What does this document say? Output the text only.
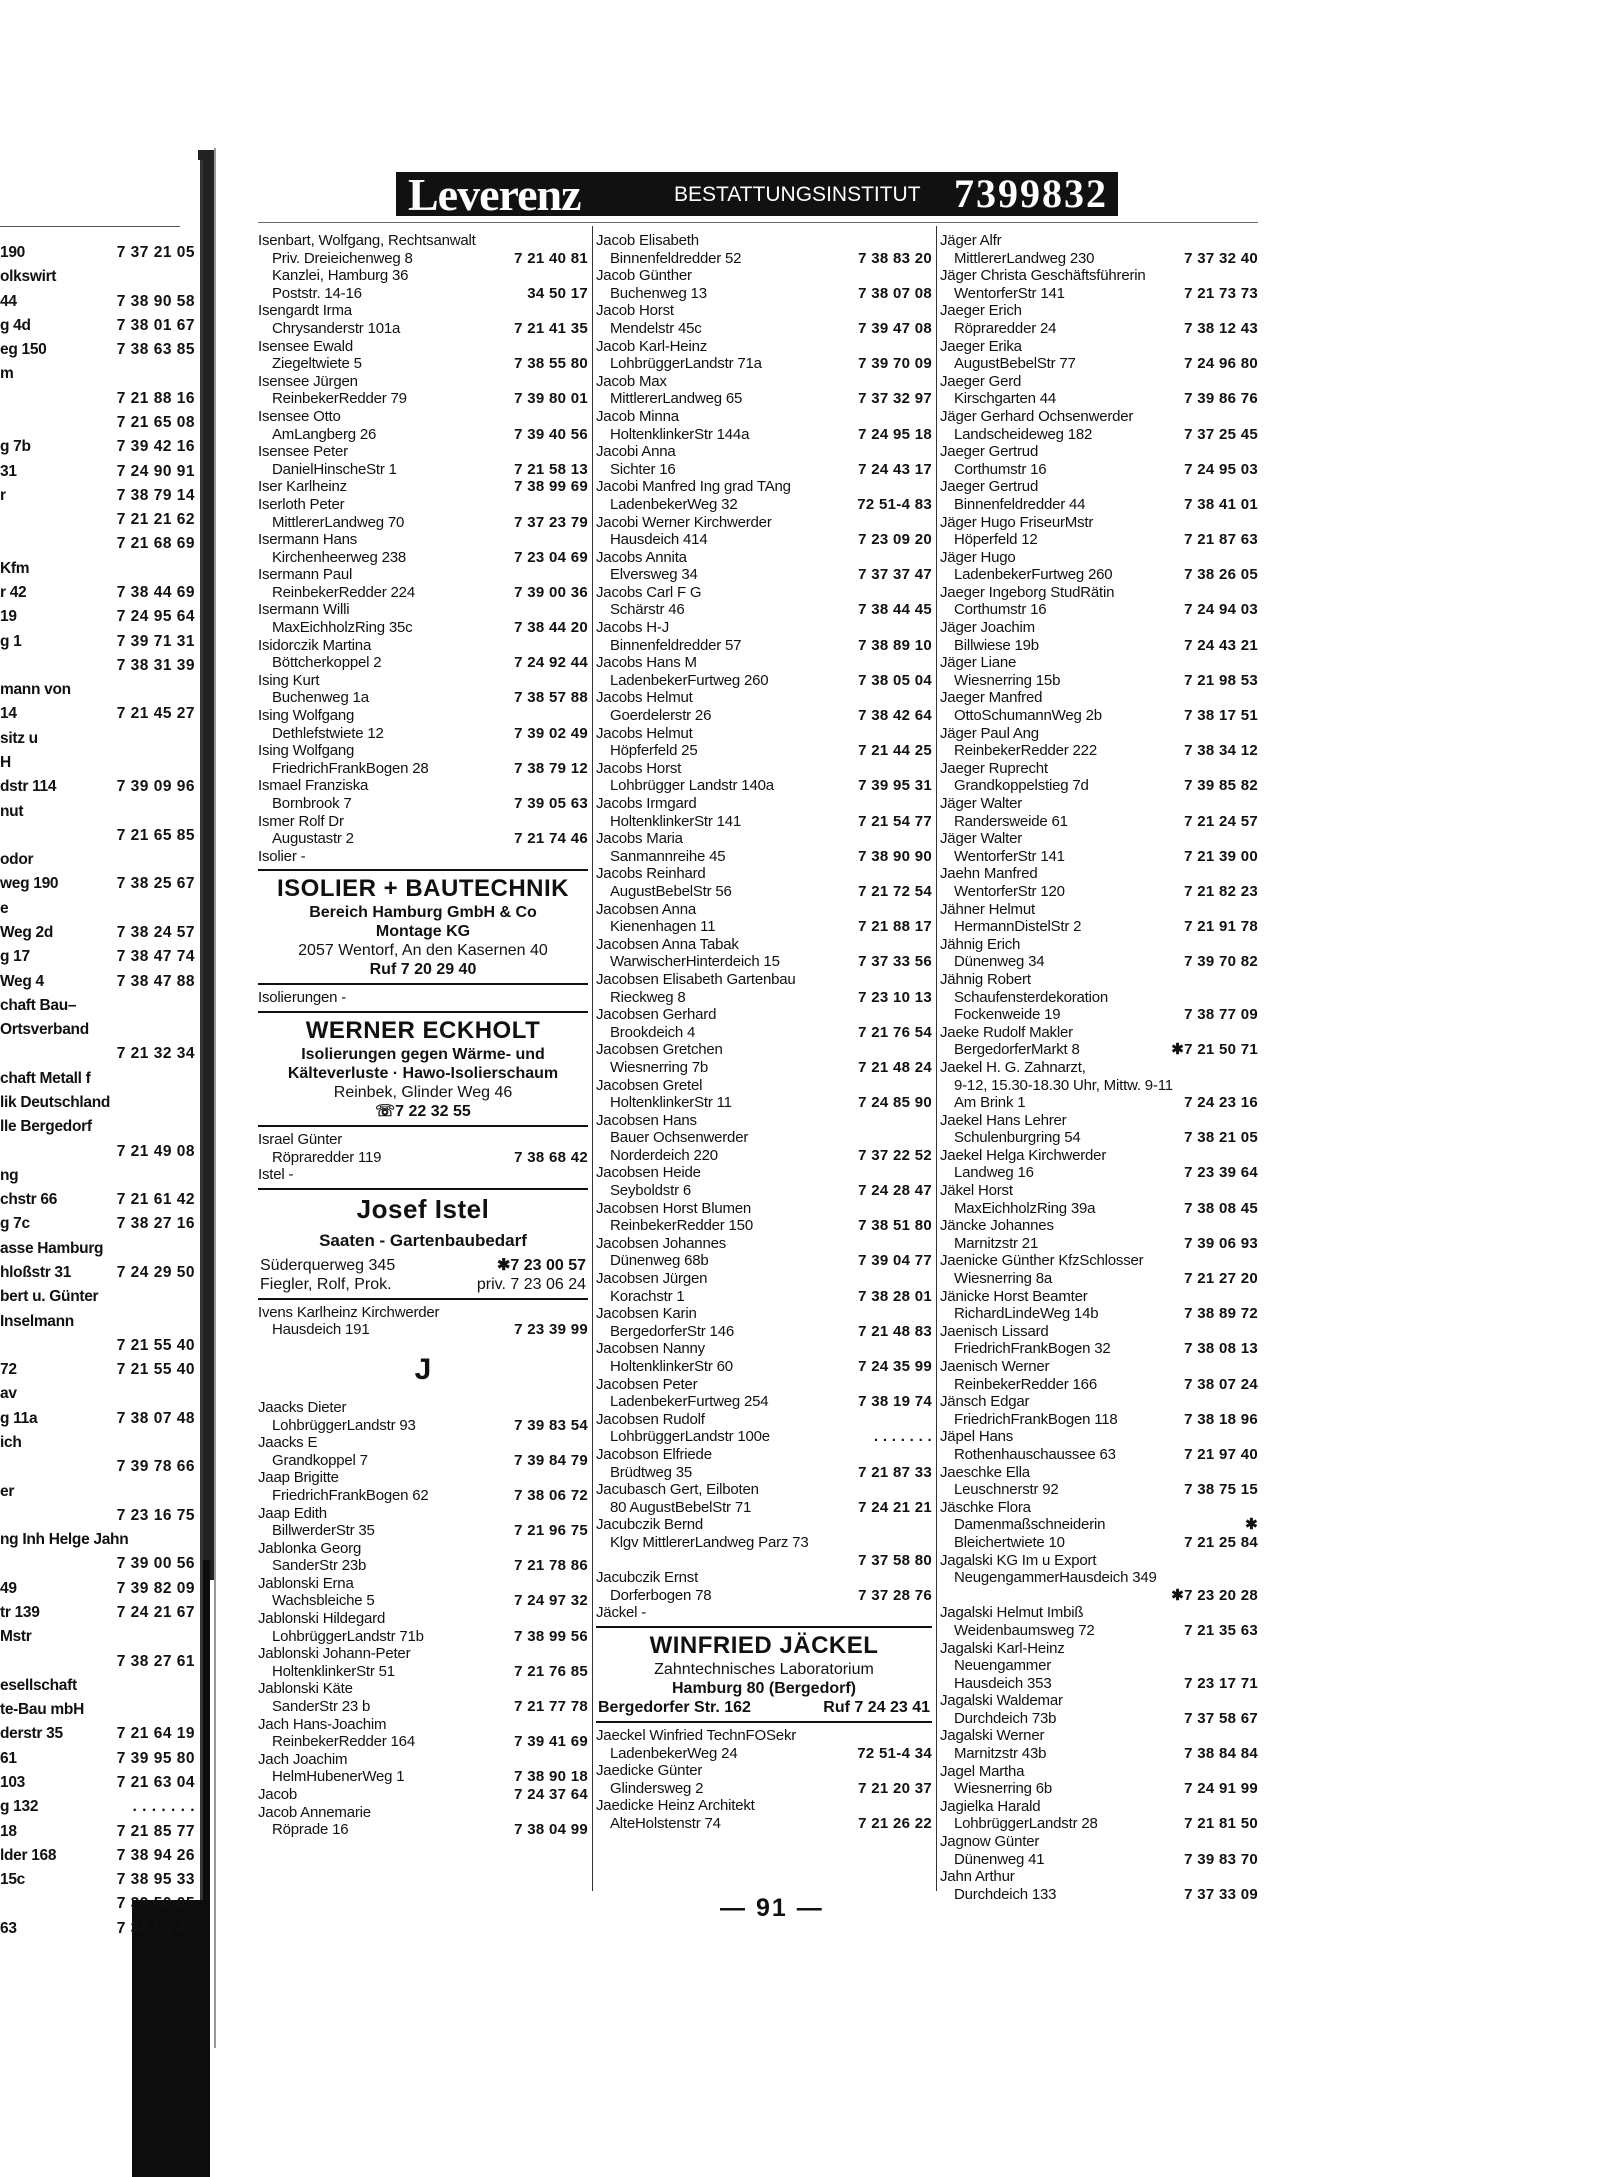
190	7 37 21 05
olkswirt
44	7 38 90 58
g 4d	7 38 01 67
eg 150	7 38 63 85
m
7 21 88 16
7 21 65 08
g 7b	7 39 42 16
31	7 24 90 91
r	7 38 79 14
7 21 21 62
7 21 68 69
Kfm
r 42	7 38 44 69
19	7 24 95 64
g 1	7 39 71 31
7 38 31 39
mann von
14	7 21 45 27
sitz u
H
dstr 114	7 39 09 96
nut
7 21 65 85
odor
weg 190	7 38 25 67
e
Weg 2d	7 38 24 57
g 17	7 38 47 74
Weg 4	7 38 47 88
chaft Bau–
Ortsverband
7 21 32 34
chaft Metall f
lik Deutschland
lle Bergedorf
7 21 49 08
ng
chstr 66	7 21 61 42
g 7c	7 38 27 16
asse Hamburg
hloßstr 31	7 24 29 50
bert u. Günter
Inselmann
7 21 55 40
72	7 21 55 40
av
g 11a	7 38 07 48
ich
7 39 78 66
er
7 23 16 75
ng Inh Helge Jahn
7 39 00 56
49	7 39 82 09
tr 139	7 24 21 67
Mstr
7 38 27 61
esellschaft
te-Bau mbH
derstr 35	7 21 64 19
61	7 39 95 80
103	7 21 63 04
g 132	. . . . . . .
18	7 21 85 77
lder 168	7 38 94 26
15c	7 38 95 33
7 39 50 05
63	7 38 55 46
Leverenz	BESTATTUNGSINSTITUT 7399832
Isenbart, Wolfgang, Rechtsanwalt
Priv. Dreieichenweg 8	7 21 40 81
Kanzlei, Hamburg 36
Poststr. 14-16	34 50 17
Isengardt Irma
Chrysanderstr 101a	7 21 41 35
Isensee Ewald
Ziegeltwiete 5	7 38 55 80
Isensee Jürgen
ReinbekerRedder 79	7 39 80 01
Isensee Otto
AmLangberg 26	7 39 40 56
Isensee Peter
DanielHinscheStr 1	7 21 58 13
Iser Karlheinz	7 38 99 69
Iserloth Peter
MittlererLandweg 70	7 37 23 79
Isermann Hans
Kirchenheerweg 238	7 23 04 69
Isermann Paul
ReinbekerRedder 224	7 39 00 36
Isermann Willi
MaxEichholzRing 35c	7 38 44 20
Isidorczik Martina
Böttcherkoppel 2	7 24 92 44
Ising Kurt
Buchenweg 1a	7 38 57 88
Ising Wolfgang
Dethlefstwiete 12	7 39 02 49
Ising Wolfgang
FriedrichFrankBogen 28	7 38 79 12
Ismael Franziska
Bornbrook 7	7 39 05 63
Ismer Rolf Dr
Augustastr 2	7 21 74 46
Isolier -
ISOLIER + BAUTECHNIK
Bereich Hamburg GmbH & Co
Montage KG
2057 Wentorf, An den Kasernen 40
Ruf 7 20 29 40
Isolierungen -
WERNER ECKHOLT
Isolierungen gegen Wärme- und
Kälteverluste · Hawo-Isolierschaum
Reinbek, Glinder Weg 46
☏7 22 32 55
Israel Günter
Röpraredder 119	7 38 68 42
Istel -
Josef Istel
Saaten - Gartenbaubedarf
Süderquerweg 345	✱7 23 00 57
Fiegler, Rolf, Prok.	priv. 7 23 06 24
Ivens Karlheinz Kirchwerder
Hausdeich 191	7 23 39 99
J
Jaacks Dieter
LohbrüggerLandstr 93	7 39 83 54
Jaacks E
Grandkoppel 7	7 39 84 79
Jaap Brigitte
FriedrichFrankBogen 62	7 38 06 72
Jaap Edith
BillwerderStr 35	7 21 96 75
Jablonka Georg
SanderStr 23b	7 21 78 86
Jablonski Erna
Wachsbleiche 5	7 24 97 32
Jablonski Hildegard
LohbrüggerLandstr 71b	7 38 99 56
Jablonski Johann-Peter
HoltenklinkerStr 51	7 21 76 85
Jablonski Käte
SanderStr 23 b	7 21 77 78
Jach Hans-Joachim
ReinbekerRedder 164	7 39 41 69
Jach Joachim
HelmHubenerWeg 1	7 38 90 18
Jacob	7 24 37 64
Jacob Annemarie
Röprade 16	7 38 04 99
Jacob Elisabeth
Binnenfeldredder 52	7 38 83 20
Jacob Günther
Buchenweg 13	7 38 07 08
Jacob Horst
Mendelstr 45c	7 39 47 08
Jacob Karl-Heinz
LohbrüggerLandstr 71a	7 39 70 09
Jacob Max
MittlererLandweg 65	7 37 32 97
Jacob Minna
HoltenklinkerStr 144a	7 24 95 18
Jacobi Anna
Sichter 16	7 24 43 17
Jacobi Manfred Ing grad TAng
LadenbekerWeg 32	72 51-4 83
Jacobi Werner Kirchwerder
Hausdeich 414	7 23 09 20
Jacobs Annita
Elversweg 34	7 37 37 47
Jacobs Carl F G
Schärstr 46	7 38 44 45
Jacobs H-J
Binnenfeldredder 57	7 38 89 10
Jacobs Hans M
LadenbekerFurtweg 260	7 38 05 04
Jacobs Helmut
Goerdelerstr 26	7 38 42 64
Jacobs Helmut
Höpferfeld 25	7 21 44 25
Jacobs Horst
Lohbrügger Landstr 140a	7 39 95 31
Jacobs Irmgard
HoltenklinkerStr 141	7 21 54 77
Jacobs Maria
Sanmannreihe 45	7 38 90 90
Jacobs Reinhard
AugustBebelStr 56	7 21 72 54
Jacobsen Anna
Kienenhagen 11	7 21 88 17
Jacobsen Anna Tabak
WarwischerHinterdeich 15	7 37 33 56
Jacobsen Elisabeth Gartenbau
Rieckweg 8	7 23 10 13
Jacobsen Gerhard
Brookdeich 4	7 21 76 54
Jacobsen Gretchen
Wiesnerring 7b	7 21 48 24
Jacobsen Gretel
HoltenklinkerStr 11	7 24 85 90
Jacobsen Hans
Bauer Ochsenwerder
Norderdeich 220	7 37 22 52
Jacobsen Heide
Seyboldstr 6	7 24 28 47
Jacobsen Horst Blumen
ReinbekerRedder 150	7 38 51 80
Jacobsen Johannes
Dünenweg 68b	7 39 04 77
Jacobsen Jürgen
Korachstr 1	7 38 28 01
Jacobsen Karin
BergedorferStr 146	7 21 48 83
Jacobsen Nanny
HoltenklinkerStr 60	7 24 35 99
Jacobsen Peter
LadenbekerFurtweg 254	7 38 19 74
Jacobsen Rudolf
LohbrüggerLandstr 100e	. . . . . . .
Jacobson Elfriede
Brüdtweg 35	7 21 87 33
Jacubasch Gert, Eilboten
80 AugustBebelStr 71	7 24 21 21
Jacubczik Bernd
Klgv MittlererLandweg Parz 73

7 37 58 80
Jacubczik Ernst
Dorferbogen 78	7 37 28 76
Jäckel -
WINFRIED JÄCKEL
Zahntechnisches Laboratorium
Hamburg 80 (Bergedorf)
Bergedorfer Str. 162	Ruf 7 24 23 41
Jaeckel Winfried TechnFOSekr
LadenbekerWeg 24	72 51-4 34
Jaedicke Günter
Glindersweg 2	7 21 20 37
Jaedicke Heinz Architekt
AlteHolstenstr 74	7 21 26 22
Jäger Alfr
MittlererLandweg 230	7 37 32 40
Jäger Christa Geschäftsführerin
WentorferStr 141	7 21 73 73
Jaeger Erich
Röpraredder 24	7 38 12 43
Jaeger Erika
AugustBebelStr 77	7 24 96 80
Jaeger Gerd
Kirschgarten 44	7 39 86 76
Jäger Gerhard Ochsenwerder
Landscheideweg 182	7 37 25 45
Jaeger Gertrud
Corthumstr 16	7 24 95 03
Jaeger Gertrud
Binnenfeldredder 44	7 38 41 01
Jäger Hugo FriseurMstr
Höperfeld 12	7 21 87 63
Jäger Hugo
LadenbekerFurtweg 260	7 38 26 05
Jaeger Ingeborg StudRätin
Corthumstr 16	7 24 94 03
Jäger Joachim
Billwiese 19b	7 24 43 21
Jäger Liane
Wiesnerring 15b	7 21 98 53
Jaeger Manfred
OttoSchumannWeg 2b	7 38 17 51
Jäger Paul Ang
ReinbekerRedder 222	7 38 34 12
Jaeger Ruprecht
Grandkoppelstieg 7d	7 39 85 82
Jäger Walter
Randersweide 61	7 21 24 57
Jäger Walter
WentorferStr 141	7 21 39 00
Jaehn Manfred
WentorferStr 120	7 21 82 23
Jähner Helmut
HermannDistelStr 2	7 21 91 78
Jähnig Erich
Dünenweg 34	7 39 70 82
Jähnig Robert
Schaufensterdekoration
Fockenweide 19	7 38 77 09
Jaeke Rudolf Makler
BergedorferMarkt 8	✱7 21 50 71
Jaekel H. G. Zahnarzt,
9-12, 15.30-18.30 Uhr, Mittw. 9-11
Am Brink 1	7 24 23 16
Jaekel Hans Lehrer
Schulenburgring 54	7 38 21 05
Jaekel Helga Kirchwerder
Landweg 16	7 23 39 64
Jäkel Horst
MaxEichholzRing 39a	7 38 08 45
Jäncke Johannes
Marnitzstr 21	7 39 06 93
Jaenicke Günther KfzSchlosser
Wiesnerring 8a	7 21 27 20
Jänicke Horst Beamter
RichardLindeWeg 14b	7 38 89 72
Jaenisch Lissard
FriedrichFrankBogen 32	7 38 08 13
Jaenisch Werner
ReinbekerRedder 166	7 38 07 24
Jänsch Edgar
FriedrichFrankBogen 118	7 38 18 96
Jäpel Hans
Rothenhauschaussee 63	7 21 97 40
Jaeschke Ella
Leuschnerstr 92	7 38 75 15
Jäschke Flora
Damenmaßschneiderin	✱
Bleichertwiete 10	7 21 25 84
Jagalski KG Im u Export
NeugengammerHausdeich 349

✱7 23 20 28
Jagalski Helmut Imbiß
Weidenbaumsweg 72	7 21 35 63
Jagalski Karl-Heinz
Neuengammer
Hausdeich 353	7 23 17 71
Jagalski Waldemar
Durchdeich 73b	7 37 58 67
Jagalski Werner
Marnitzstr 43b	7 38 84 84
Jagel Martha
Wiesnerring 6b	7 24 91 99
Jagielka Harald
LohbrüggerLandstr 28	7 21 81 50
Jagnow Günter
Dünenweg 41	7 39 83 70
Jahn Arthur
Durchdeich 133	7 37 33 09
— 91 —
